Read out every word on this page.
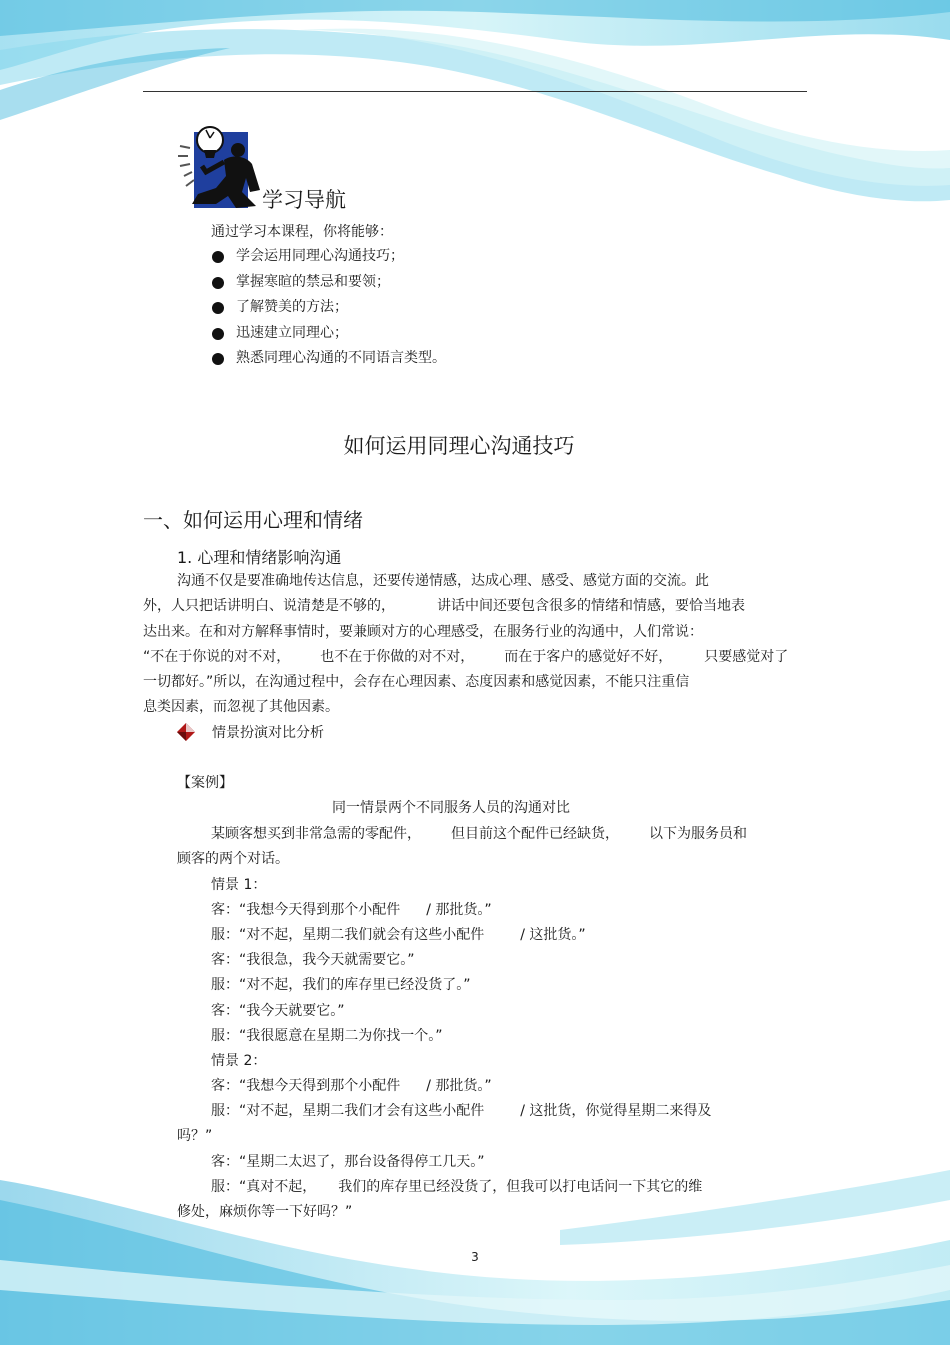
学习导航
通过学习本课程，你将能够：
学会运用同理心沟通技巧；
掌握寒暄的禁忌和要领；
了解赞美的方法；
迅速建立同理心；
熟悉同理心沟通的不同语言类型。
如何运用同理心沟通技巧
一、如何运用心理和情绪
1. 心理和情绪影响沟通
沟通不仅是要准确地传达信息，还要传递情感，达成心理、感受、感觉方面的交流。此
外，人只把话讲明白、说清楚是不够的，	讲话中间还要包含很多的情绪和情感，要恰当地表
达出来。在和对方解释事情时，要兼顾对方的心理感受，在服务行业的沟通中，人们常说：
“不在于你说的对不对， 也不在于你做的对不对， 而在于客户的感觉好不好， 只要感觉对了
一切都好。”所以，在沟通过程中，会存在心理因素、态度因素和感觉因素，不能只注重信
息类因素，而忽视了其他因素。
情景扮演对比分析
【案例】
同一情景两个不同服务人员的沟通对比
某顾客想买到非常急需的零配件， 但目前这个配件已经缺货， 以下为服务员和
顾客的两个对话。
情景 1：
客：“我想今天得到那个小配件 / 那批货。”
服：“对不起，星期二我们就会有这些小配件	/ 这批货。”
客：“我很急，我今天就需要它。”
服：“对不起，我们的库存里已经没货了。”
客：“我今天就要它。”
服：“我很愿意在星期二为你找一个。”
情景 2：
客：“我想今天得到那个小配件 / 那批货。”
服：“对不起，星期二我们才会有这些小配件	/ 这批货，你觉得星期二来得及
吗？”
客：“星期二太迟了，那台设备得停工几天。”
服：“真对不起， 我们的库存里已经没货了，但我可以打电话问一下其它的维
修处，麻烦你等一下好吗？”
3
